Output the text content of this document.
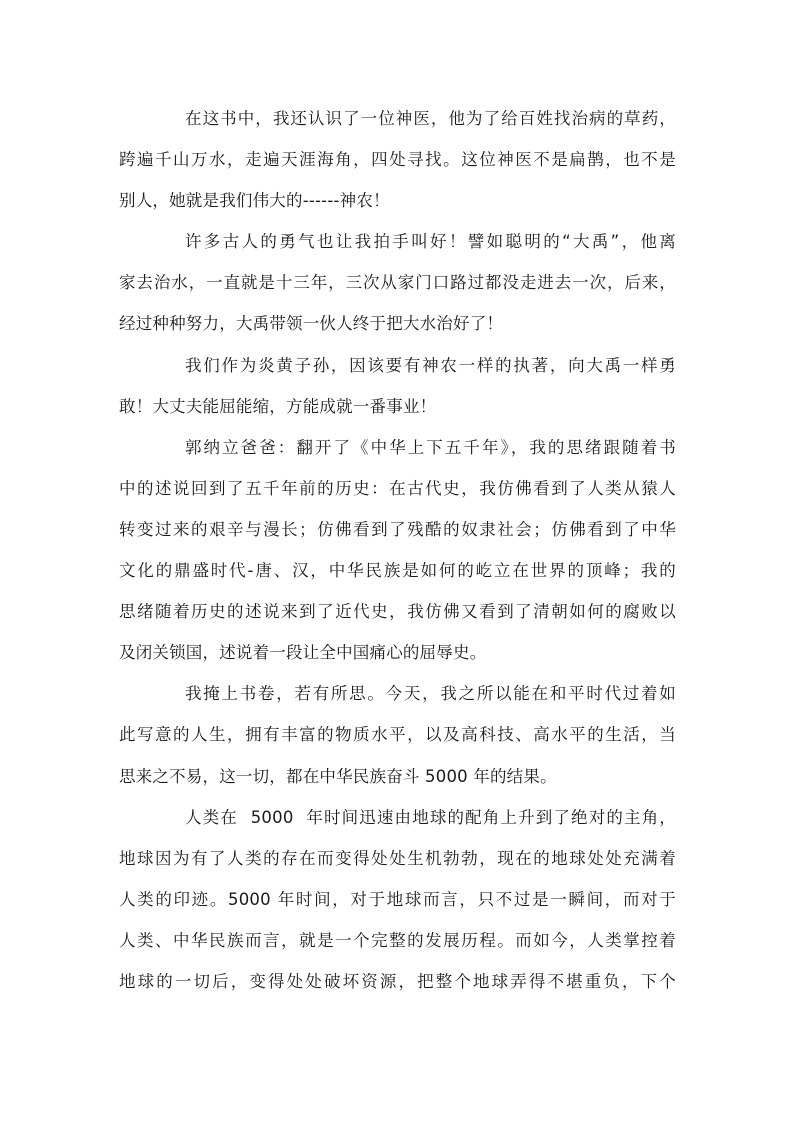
在这书中，我还认识了一位神医，他为了给百姓找治病的草药，
跨遍千山万水，走遍天涯海角，四处寻找。这位神医不是扁鹊，也不是
别人，她就是我们伟大的------神农！

许多古人的勇气也让我拍手叫好！譬如聪明的“大禹”，他离
家去治水，一直就是十三年，三次从家门口路过都没走进去一次，后来，
经过种种努力，大禹带领一伙人终于把大水治好了！

我们作为炎黄子孙，因该要有神农一样的执著，向大禹一样勇
敢！大丈夫能屈能缩，方能成就一番事业！

郭纳立爸爸：翻开了《中华上下五千年》，我的思绪跟随着书
中的述说回到了五千年前的历史：在古代史，我仿佛看到了人类从猿人
转变过来的艰辛与漫长；仿佛看到了残酷的奴隶社会；仿佛看到了中华
文化的鼎盛时代-唐、汉，中华民族是如何的屹立在世界的顶峰；我的
思绪随着历史的述说来到了近代史，我仿佛又看到了清朝如何的腐败以
及闭关锁国，述说着一段让全中国痛心的屈辱史。

我掩上书卷，若有所思。今天，我之所以能在和平时代过着如
此写意的人生，拥有丰富的物质水平，以及高科技、高水平的生活，当
思来之不易，这一切，都在中华民族奋斗 5000 年的结果。

人类在  5000  年时间迅速由地球的配角上升到了绝对的主角，
地球因为有了人类的存在而变得处处生机勃勃，现在的地球处处充满着
人类的印迹。5000 年时间，对于地球而言，只不过是一瞬间，而对于
人类、中华民族而言，就是一个完整的发展历程。而如今，人类掌控着
地球的一切后，变得处处破坏资源，把整个地球弄得不堪重负，下个
